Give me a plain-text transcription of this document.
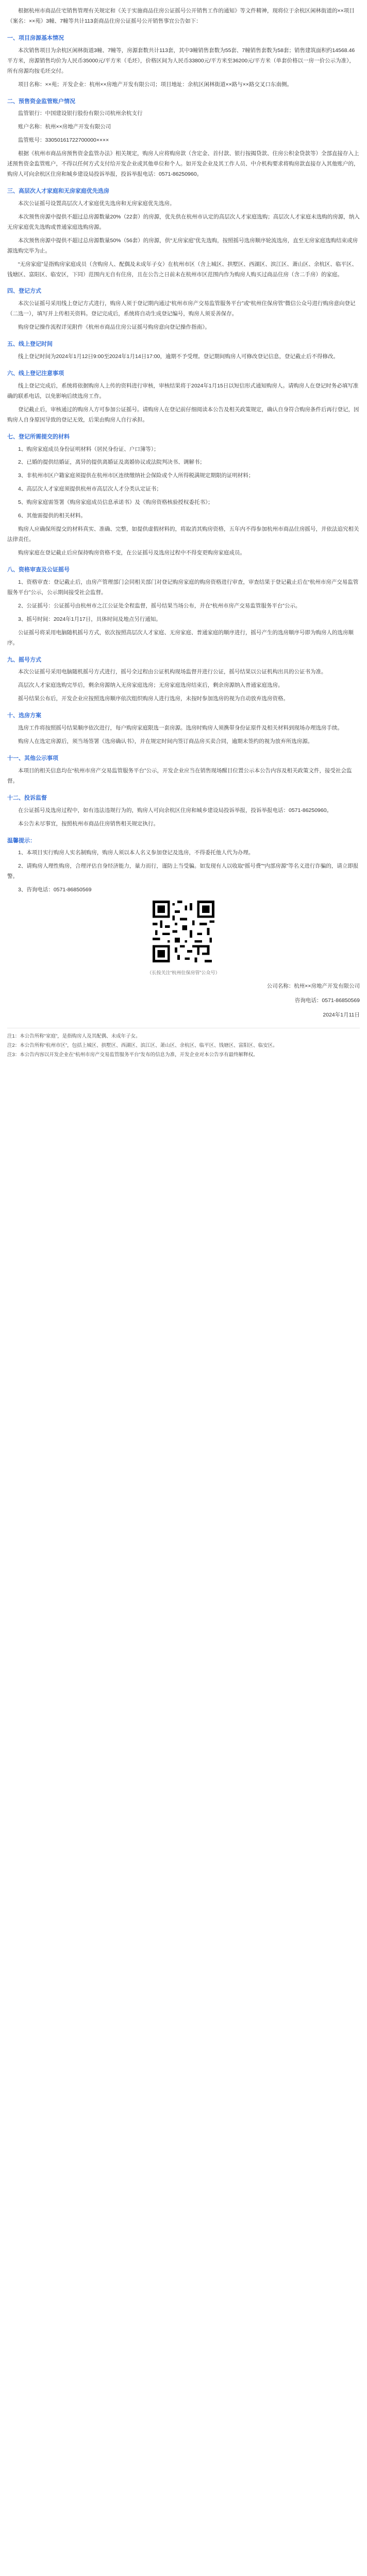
根据杭州市商品住宅销售管理有关规定和《关于实施商品住房公证摇号公开销售工作的通知》等文件精神，现将位于余杭区闲林街道的××项目（案名：××苑）3幢、7幢等共计113套商品住房公证摇号公开销售事宜公告如下：

一、项目房源基本情况

本次销售项目为余杭区闲林街道3幢、7幢等，房源套数共计113套，其中3幢销售套数为55套、7幢销售套数为58套；销售建筑面积约14568.46平方米，房源销售均价为人民币35000元/平方米（毛坯），价格区间为人民币33800元/平方米至36200元/平方米（单套价格以一房一价公示为准），所有房源均按毛坯交付。

项目名称：××苑；开发企业：杭州××房地产开发有限公司；项目地址：余杭区闲林街道××路与××路交叉口东南侧。

二、预售资金监管账户情况

监管银行：中国建设银行股份有限公司杭州余杭支行

账户名称：杭州××房地产开发有限公司

监管账号：33050161722700000××××

根据《杭州市商品房预售资金监管办法》相关规定，购房人应将购房款（含定金、首付款、银行按揭贷款、住房公积金贷款等）全部直接存入上述预售资金监管账户，不得以任何方式支付给开发企业或其他单位和个人。如开发企业及其工作人员、中介机构要求将购房款直接存入其他账户的，购房人可向余杭区住房和城乡建设局投诉举报，投诉举报电话：0571-86250960。

三、高层次人才家庭和无房家庭优先选房

本次公证摇号设置高层次人才家庭优先选房和无房家庭优先选房。

本次预售房源中提供不超过总房源数量20%（22套）的房源，优先供在杭州市认定的高层次人才家庭选购；高层次人才家庭未选购的房源，纳入无房家庭优先选购或普通家庭选购房源。

本次预售房源中提供不超过总房源数量50%（56套）的房源，供“无房家庭”优先选购，按照摇号选房顺序轮流选房，直至无房家庭选购结束或房源选购完毕为止。

“无房家庭”是指购房家庭成员（含购房人、配偶及未成年子女）在杭州市区（含上城区、拱墅区、西湖区、滨江区、萧山区、余杭区、临平区、钱塘区、富阳区、临安区，下同）范围内无自有住房，且在公告之日前未在杭州市区范围内作为购房人购买过商品住房（含二手房）的家庭。

四、登记方式

本次公证摇号采用线上登记方式进行，购房人须于登记期内通过“杭州市房产交易监管服务平台”或“杭州住保房管”微信公众号进行购房意向登记（二选一），填写并上传相关资料。登记完成后，系统将自动生成登记编号，购房人须妥善保存。

购房登记操作流程详见附件《杭州市商品住房公证摇号购房意向登记操作指南》。

五、线上登记时间

线上登记时间为2024年1月12日9:00至2024年1月14日17:00，逾期不予受理。登记期间购房人可修改登记信息，登记截止后不得修改。

六、线上登记注意事项

线上登记完成后，系统将依据购房人上传的资料进行审核，审核结果将于2024年1月15日以短信形式通知购房人。请购房人在登记时务必填写准确的联系电话，以免影响后续选房工作。

登记截止后，审核通过的购房人方可参加公证摇号。请购房人在登记前仔细阅读本公告及相关政策规定，确认自身符合购房条件后再行登记，因购房人自身原因导致的登记无效，后果由购房人自行承担。

七、登记所需提交的材料

1、购房家庭成员身份证明材料（居民身份证、户口簿等）；

2、已婚的提供结婚证，离异的提供离婚证及离婚协议或法院判决书、调解书；

3、非杭州市区户籍家庭须提供在杭州市区连续缴纳社会保险或个人所得税满规定期限的证明材料；

4、高层次人才家庭须提供杭州市高层次人才分类认定证书；

5、购房家庭需签署《购房家庭成员信息承诺书》及《购房资格核验授权委托书》；

6、其他需提供的相关材料。

购房人应确保所提交的材料真实、准确、完整，如提供虚假材料的，将取消其购房资格，五年内不得参加杭州市商品住房摇号，并依法追究相关法律责任。

购房家庭在登记截止后应保持购房资格不变，在公证摇号及选房过程中不得变更购房家庭成员。

八、资格审查及公证摇号

1、资格审查：登记截止后，由房产管理部门会同相关部门对登记购房家庭的购房资格进行审查，审查结果于登记截止后在“杭州市房产交易监管服务平台”公示，公示期间接受社会监督。

2、公证摇号：公证摇号由杭州市之江公证处全程监督，摇号结果当场公布，并在“杭州市房产交易监管服务平台”公示。

3、摇号时间：2024年1月17日，具体时间及地点另行通知。

公证摇号将采用电脑随机摇号方式，依次按照高层次人才家庭、无房家庭、普通家庭的顺序进行，摇号产生的选房顺序号即为购房人的选房顺序。

九、摇号方式

本次公证摇号采用电脑随机摇号方式进行，摇号全过程由公证机构现场监督并进行公证，摇号结果以公证机构出具的公证书为准。

高层次人才家庭选购完毕后，剩余房源纳入无房家庭选房；无房家庭选房结束后，剩余房源纳入普通家庭选房。

摇号结果公布后，开发企业应按照选房顺序依次组织购房人进行选房，未按时参加选房的视为自动放弃选房资格。

十、选房方案

选房工作将按照摇号结果顺序依次进行，每户购房家庭限选一套房源。选房时购房人须携带身份证原件及相关材料到现场办理选房手续。

购房人在选定房源后，须当场签署《选房确认书》，并在规定时间内签订商品房买卖合同，逾期未签约的视为放弃所选房源。

十一、其他公示事项

本项目的相关信息均在“杭州市房产交易监管服务平台”公示，开发企业应当在销售现场醒目位置公示本公告内容及相关政策文件，接受社会监督。

十二、投诉监督

在公证摇号及选房过程中，如有违法违规行为的，购房人可向余杭区住房和城乡建设局投诉举报，投诉举报电话：0571-86250960。

本公告未尽事宜，按照杭州市商品住房销售相关规定执行。

温馨提示：

1、本项目实行购房人实名制购房，购房人须以本人名义参加登记及选房，不得委托他人代为办理。

2、请购房人理性购房，合理评估自身经济能力，量力而行，谨防上当受骗。如发现有人以收取“摇号费”“内部房源”等名义进行诈骗的，请立即报警。

3、咨询电话：0571-86850569

（长按关注“杭州住保房管”公众号）

公司名称：杭州××房地产开发有限公司

咨询电话：0571-86850569

2024年1月11日

注1：本公告所称“家庭”，是指购房人及其配偶、未成年子女。

注2：本公告所称“杭州市区”，包括上城区、拱墅区、西湖区、滨江区、萧山区、余杭区、临平区、钱塘区、富阳区、临安区。

注3：本公告内容以开发企业在“杭州市房产交易监管服务平台”发布的信息为准，开发企业对本公告享有最终解释权。
